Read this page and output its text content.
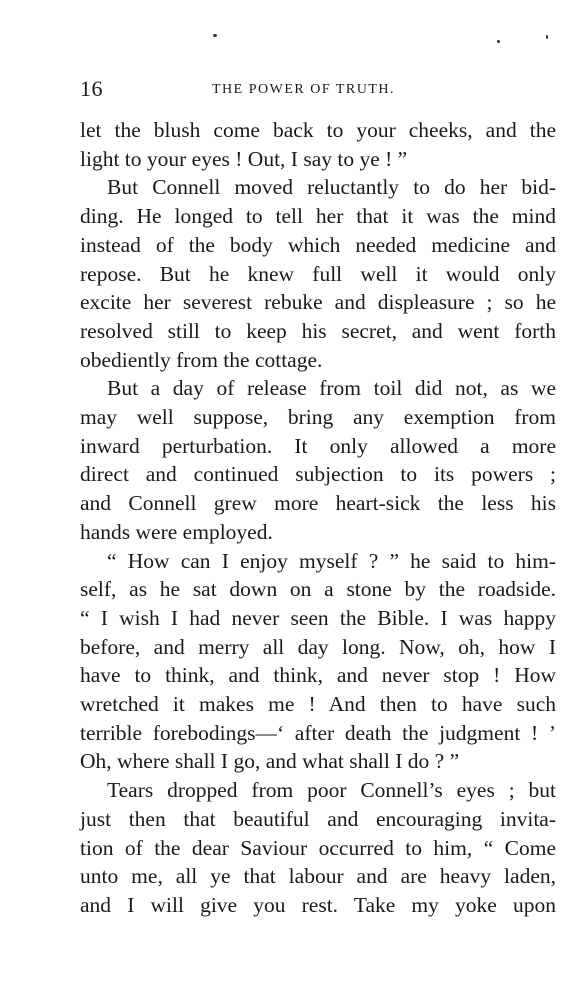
16	THE POWER OF TRUTH.

let the blush come back to your cheeks, and the
light to your eyes ! Out, I say to ye ! ”

But Connell moved reluctantly to do her bid-
ding. He longed to tell her that it was the mind
instead of the body which needed medicine and
repose. But he knew full well it would only
excite her severest rebuke and displeasure ; so he
resolved still to keep his secret, and went forth
obediently from the cottage.

But a day of release from toil did not, as we
may well suppose, bring any exemption from
inward perturbation. It only allowed a more
direct and continued subjection to its powers ;
and Connell grew more heart-sick the less his
hands were employed.

“ How can I enjoy myself ? ” he said to him-
self, as he sat down on a stone by the roadside.
“ I wish I had never seen the Bible. I was happy
before, and merry all day long. Now, oh, how I
have to think, and think, and never stop ! How
wretched it makes me ! And then to have such
terrible forebodings—‘ after death the judgment ! ’
Oh, where shall I go, and what shall I do ? ”

Tears dropped from poor Connell’s eyes ; but
just then that beautiful and encouraging invita-
tion of the dear Saviour occurred to him, “ Come
unto me, all ye that labour and are heavy laden,
and I will give you rest. Take my yoke upon
